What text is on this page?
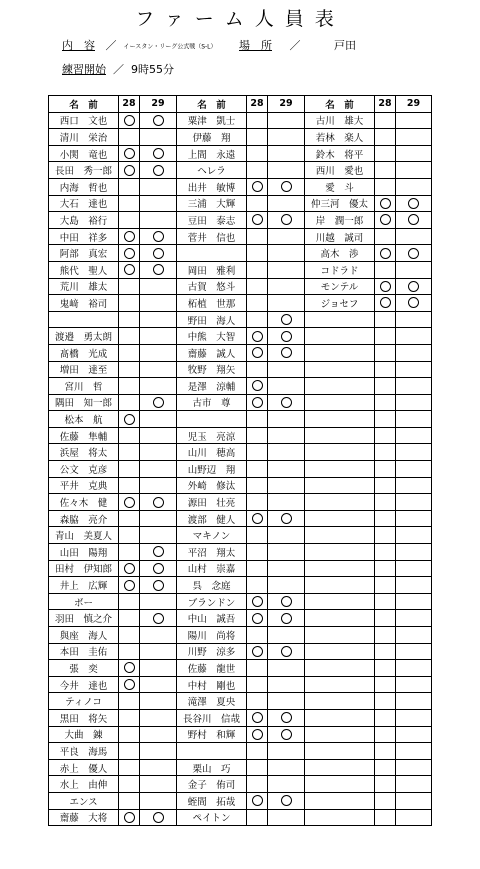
ファーム人員表
内　容 ／ イースタン・リーグ公式戦（S-L） 場　所 ／	戸田
練習開始 ／ 9時55分
名　前	28	29	名　前	28	29	名　前	28	29
西口　文也			粟津　凱士			古川　雄大		
清川　栄治			伊藤　翔			若林　楽人		
小関　竜也			上間　永遠			鈴木　将平		
長田　秀一郎			ヘレラ			西川　愛也		
内海　哲也			出井　敏博			愛　斗		
大石　達也			三浦　大輝			仲三河　優太		
大島　裕行			豆田　泰志			岸　潤一郎		
中田　祥多			菅井　信也			川越　誠司		
阿部　真宏						高木　渉		
熊代　聖人			岡田　雅利			コドラド		
荒川　雄太			古賀　悠斗			モンテル		
鬼﨑　裕司			柘植　世那			ジョセフ		
			野田　海人					
渡邉　勇太朗			中熊　大智					
髙橋　光成			齋藤　誠人					
増田　達至			牧野　翔矢					
宮川　哲			是澤　涼輔					
隅田　知一郎			古市　尊					
松本　航								
佐藤　隼輔			児玉　亮涼					
浜屋　将太			山川　穂高					
公文　克彦			山野辺　翔					
平井　克典			外崎　修汰					
佐々木　健			源田　壮亮					
森脇　亮介			渡部　健人					
青山　美夏人			マキノン					
山田　陽翔			平沼　翔太					
田村　伊知郎			山村　崇嘉					
井上　広輝			呉　念庭					
ボー			ブランドン					
羽田　慎之介			中山　誠吾					
與座　海人			陽川　尚将					
本田　圭佑			川野　涼多					
張　奕			佐藤　龍世					
今井　達也			中村　剛也					
ティノコ			滝澤　夏央					
黒田　将矢			長谷川　信哉					
大曲　錬			野村　和輝					
平良　海馬								
赤上　優人			栗山　巧					
水上　由伸			金子　侑司					
エンス			蛭間　拓哉					
齋藤　大将			ペイトン					
